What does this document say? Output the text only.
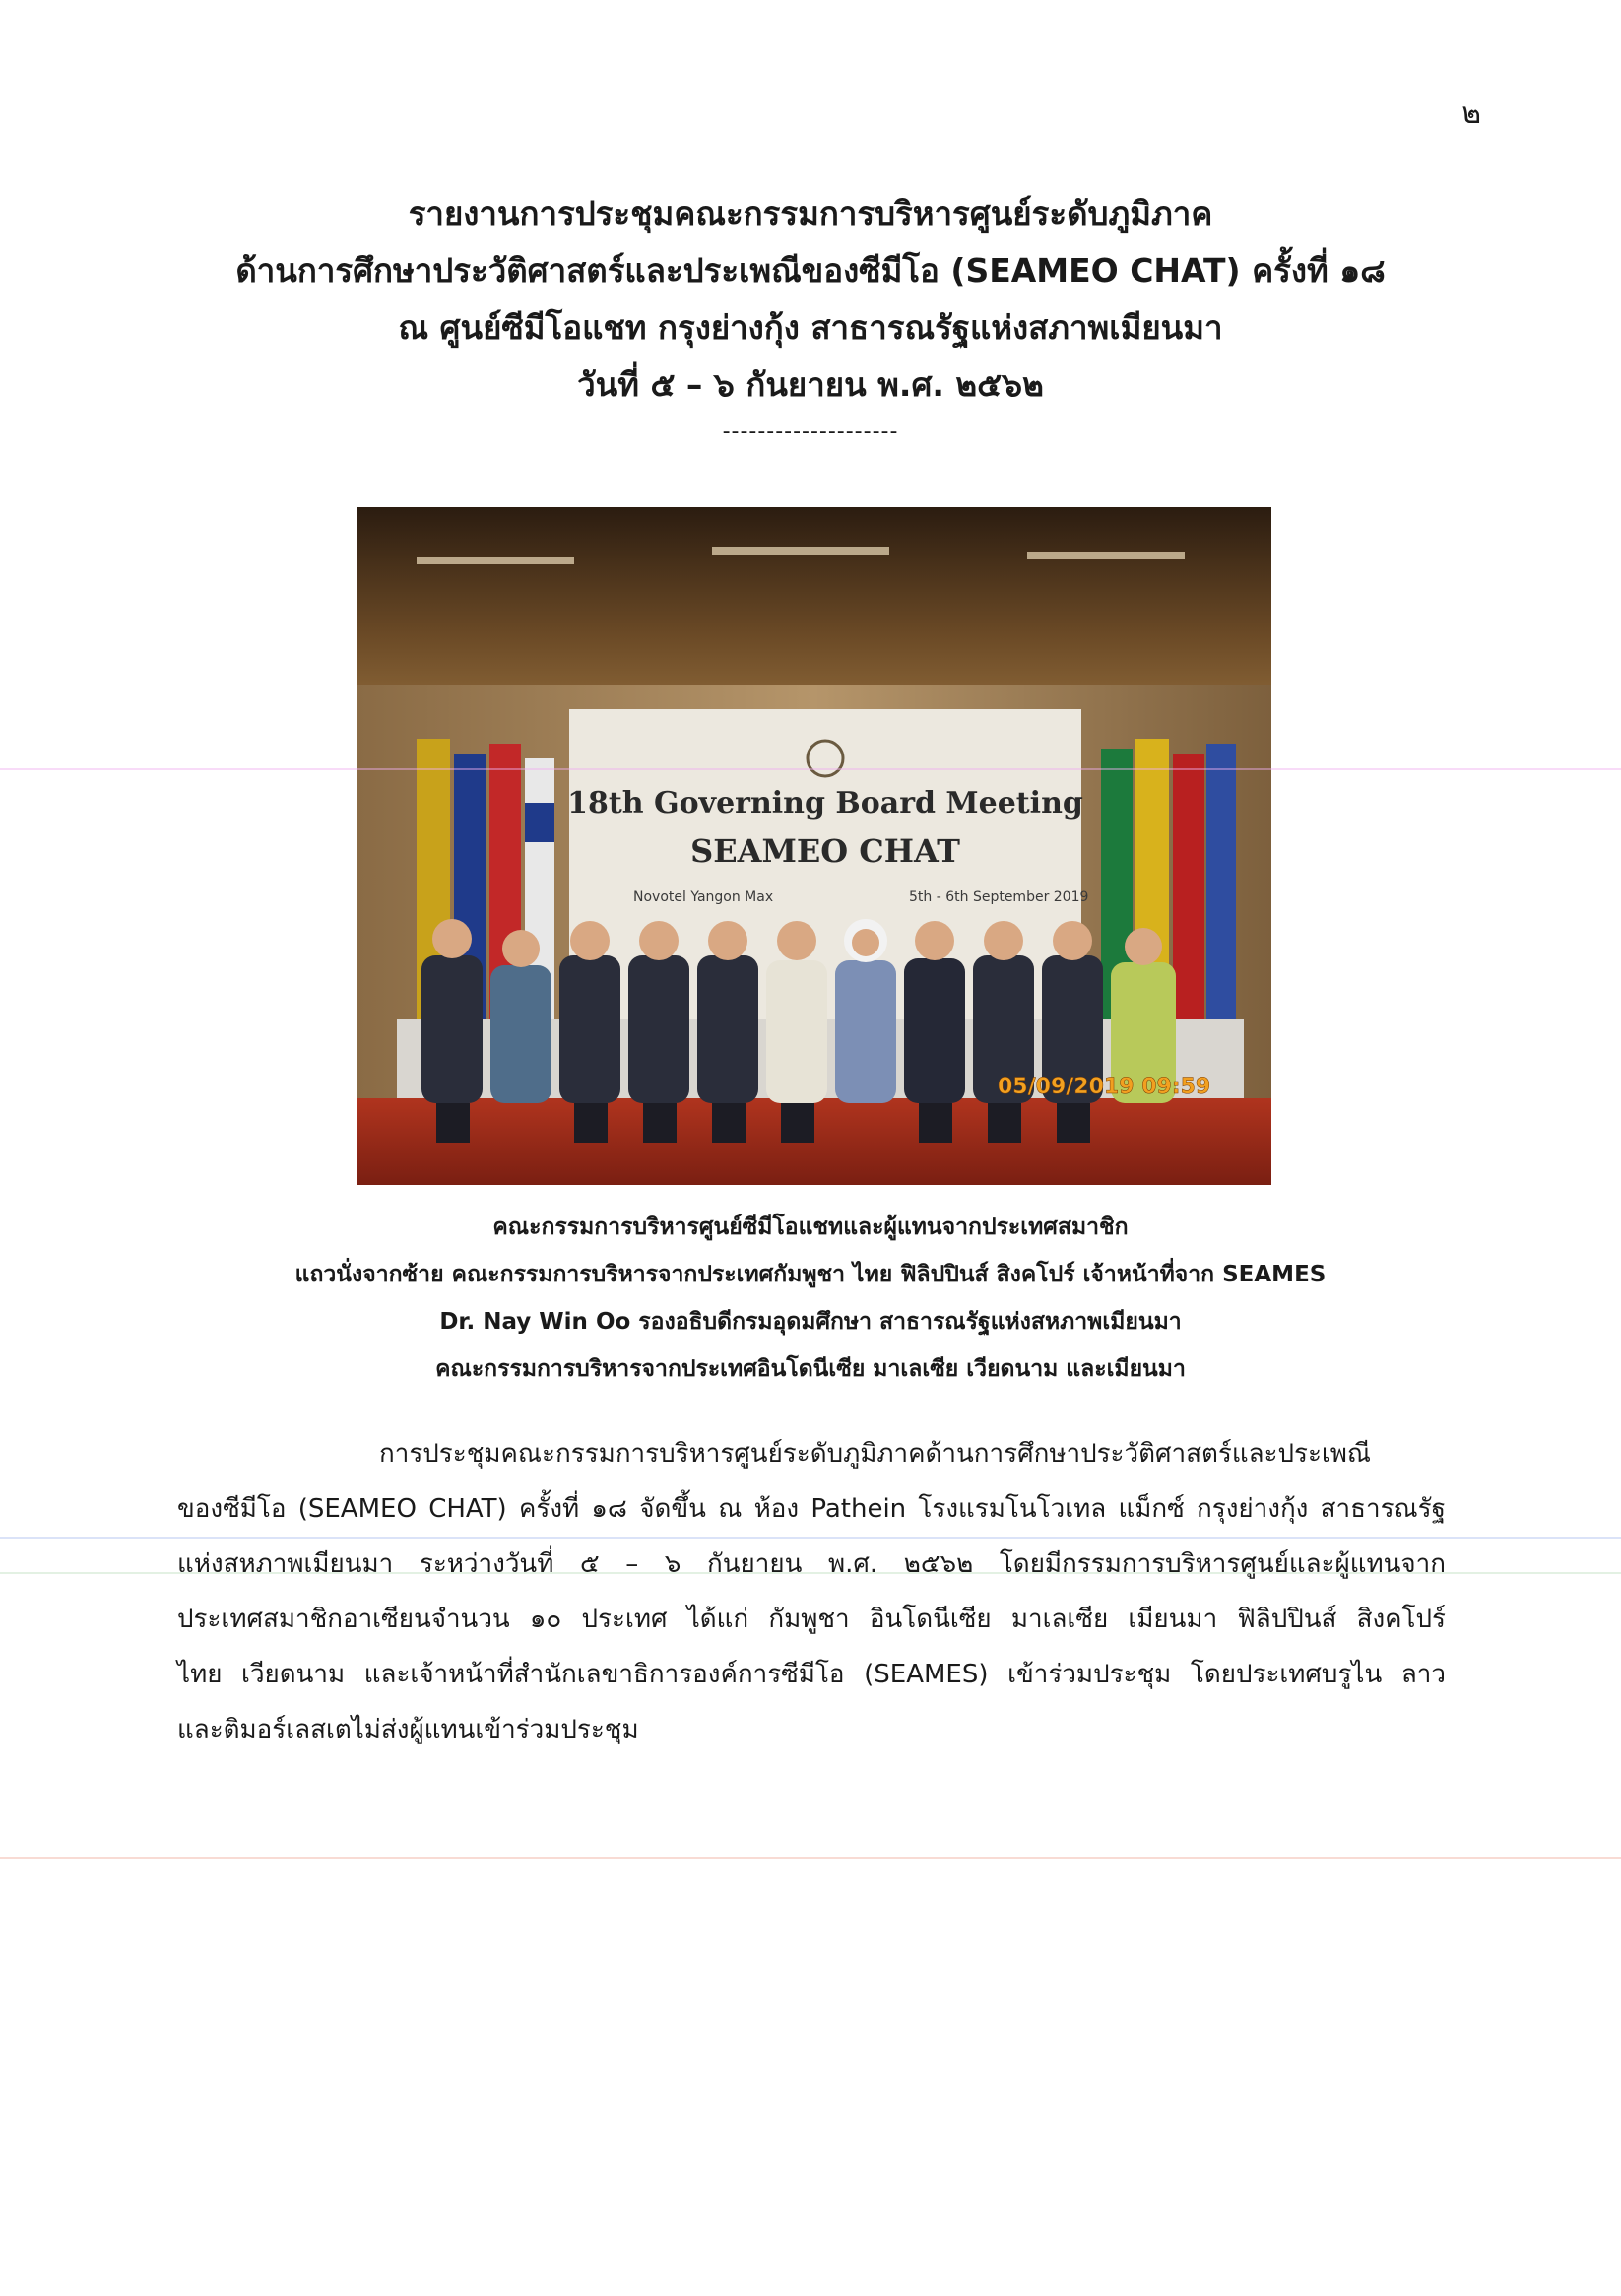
๒
รายงานการประชุมคณะกรรมการบริหารศูนย์ระดับภูมิภาค
ด้านการศึกษาประวัติศาสตร์และประเพณีของซีมีโอ (SEAMEO CHAT) ครั้งที่ ๑๘
ณ ศูนย์ซีมีโอแชท กรุงย่างกุ้ง สาธารณรัฐแห่งสภาพเมียนมา
วันที่ ๕ – ๖ กันยายน พ.ศ. ๒๕๖๒
--------------------
18th Governing Board Meeting
SEAMEO CHAT
Novotel Yangon Max	5th - 6th September 2019
05/09/2019 09:59
คณะกรรมการบริหารศูนย์ซีมีโอแชทและผู้แทนจากประเทศสมาชิก
แถวนั่งจากซ้าย คณะกรรมการบริหารจากประเทศกัมพูชา ไทย ฟิลิปปินส์ สิงคโปร์ เจ้าหน้าที่จาก SEAMES
Dr. Nay Win Oo รองอธิบดีกรมอุดมศึกษา สาธารณรัฐแห่งสหภาพเมียนมา
คณะกรรมการบริหารจากประเทศอินโดนีเซีย มาเลเซีย เวียดนาม และเมียนมา
การประชุมคณะกรรมการบริหารศูนย์ระดับภูมิภาคด้านการศึกษาประวัติศาสตร์และประเพณี
ของซีมีโอ (SEAMEO CHAT) ครั้งที่ ๑๘ จัดขึ้น ณ ห้อง Pathein โรงแรมโนโวเทล แม็กซ์ กรุงย่างกุ้ง สาธารณรัฐ
แห่งสหภาพเมียนมา ระหว่างวันที่ ๕ – ๖ กันยายน พ.ศ. ๒๕๖๒ โดยมีกรรมการบริหารศูนย์และผู้แทนจาก
ประเทศสมาชิกอาเซียนจำนวน ๑๐ ประเทศ ได้แก่ กัมพูชา อินโดนีเซีย มาเลเซีย เมียนมา ฟิลิปปินส์ สิงคโปร์
ไทย เวียดนาม และเจ้าหน้าที่สำนักเลขาธิการองค์การซีมีโอ (SEAMES) เข้าร่วมประชุม โดยประเทศบรูไน ลาว
และติมอร์เลสเตไม่ส่งผู้แทนเข้าร่วมประชุม
